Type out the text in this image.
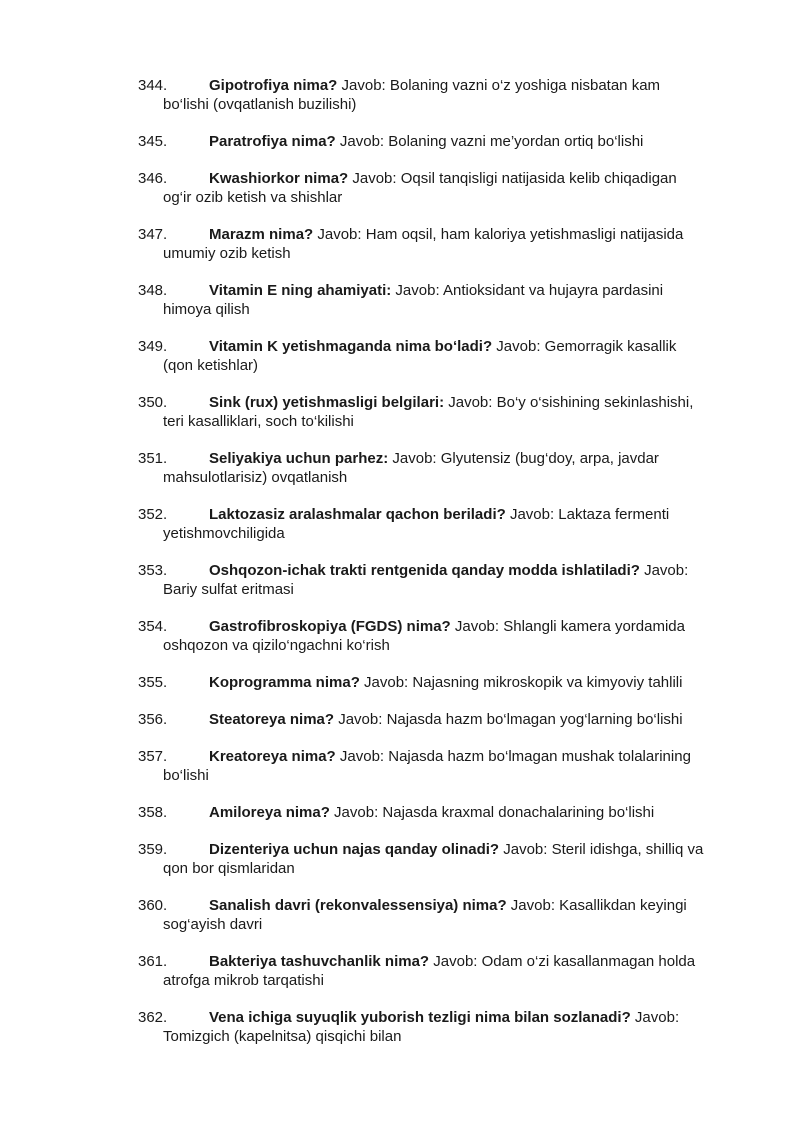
344.	Gipotrofiya nima? Javob: Bolaning vazni o‘z yoshiga nisbatan kam
bo‘lishi (ovqatlanish buzilishi)
345.	Paratrofiya nima? Javob: Bolaning vazni me’yordan ortiq bo‘lishi
346.	Kwashiorkor nima? Javob: Oqsil tanqisligi natijasida kelib chiqadigan
og‘ir ozib ketish va shishlar
347.	Marazm nima? Javob: Ham oqsil, ham kaloriya yetishmasligi natijasida
umumiy ozib ketish
348.	Vitamin E ning ahamiyati: Javob: Antioksidant va hujayra pardasini
himoya qilish
349.	Vitamin K yetishmaganda nima bo‘ladi? Javob: Gemorragik kasallik
(qon ketishlar)
350.	Sink (rux) yetishmasligi belgilari: Javob: Bo‘y o‘sishining sekinlashishi,
teri kasalliklari, soch to‘kilishi
351.	Seliyakiya uchun parhez: Javob: Glyutensiz (bug‘doy, arpa, javdar
mahsulotlarisiz) ovqatlanish
352.	Laktozasiz aralashmalar qachon beriladi? Javob: Laktaza fermenti
yetishmovchiligida
353.	Oshqozon-ichak trakti rentgenida qanday modda ishlatiladi? Javob:
Bariy sulfat eritmasi
354.	Gastrofibroskopiya (FGDS) nima? Javob: Shlangli kamera yordamida
oshqozon va qizilo‘ngachni ko‘rish
355.	Koprogramma nima? Javob: Najasning mikroskopik va kimyoviy tahlili
356.	Steatoreya nima? Javob: Najasda hazm bo‘lmagan yog‘larning bo‘lishi
357.	Kreatoreya nima? Javob: Najasda hazm bo‘lmagan mushak tolalarining
bo‘lishi
358.	Amiloreya nima? Javob: Najasda kraxmal donachalarining bo‘lishi
359.	Dizenteriya uchun najas qanday olinadi? Javob: Steril idishga, shilliq va
qon bor qismlaridan
360.	Sanalish davri (rekonvalessensiya) nima? Javob: Kasallikdan keyingi
sog‘ayish davri
361.	Bakteriya tashuvchanlik nima? Javob: Odam o‘zi kasallanmagan holda
atrofga mikrob tarqatishi
362.	Vena ichiga suyuqlik yuborish tezligi nima bilan sozlanadi? Javob:
Tomizgich (kapelnitsa) qisqichi bilan
